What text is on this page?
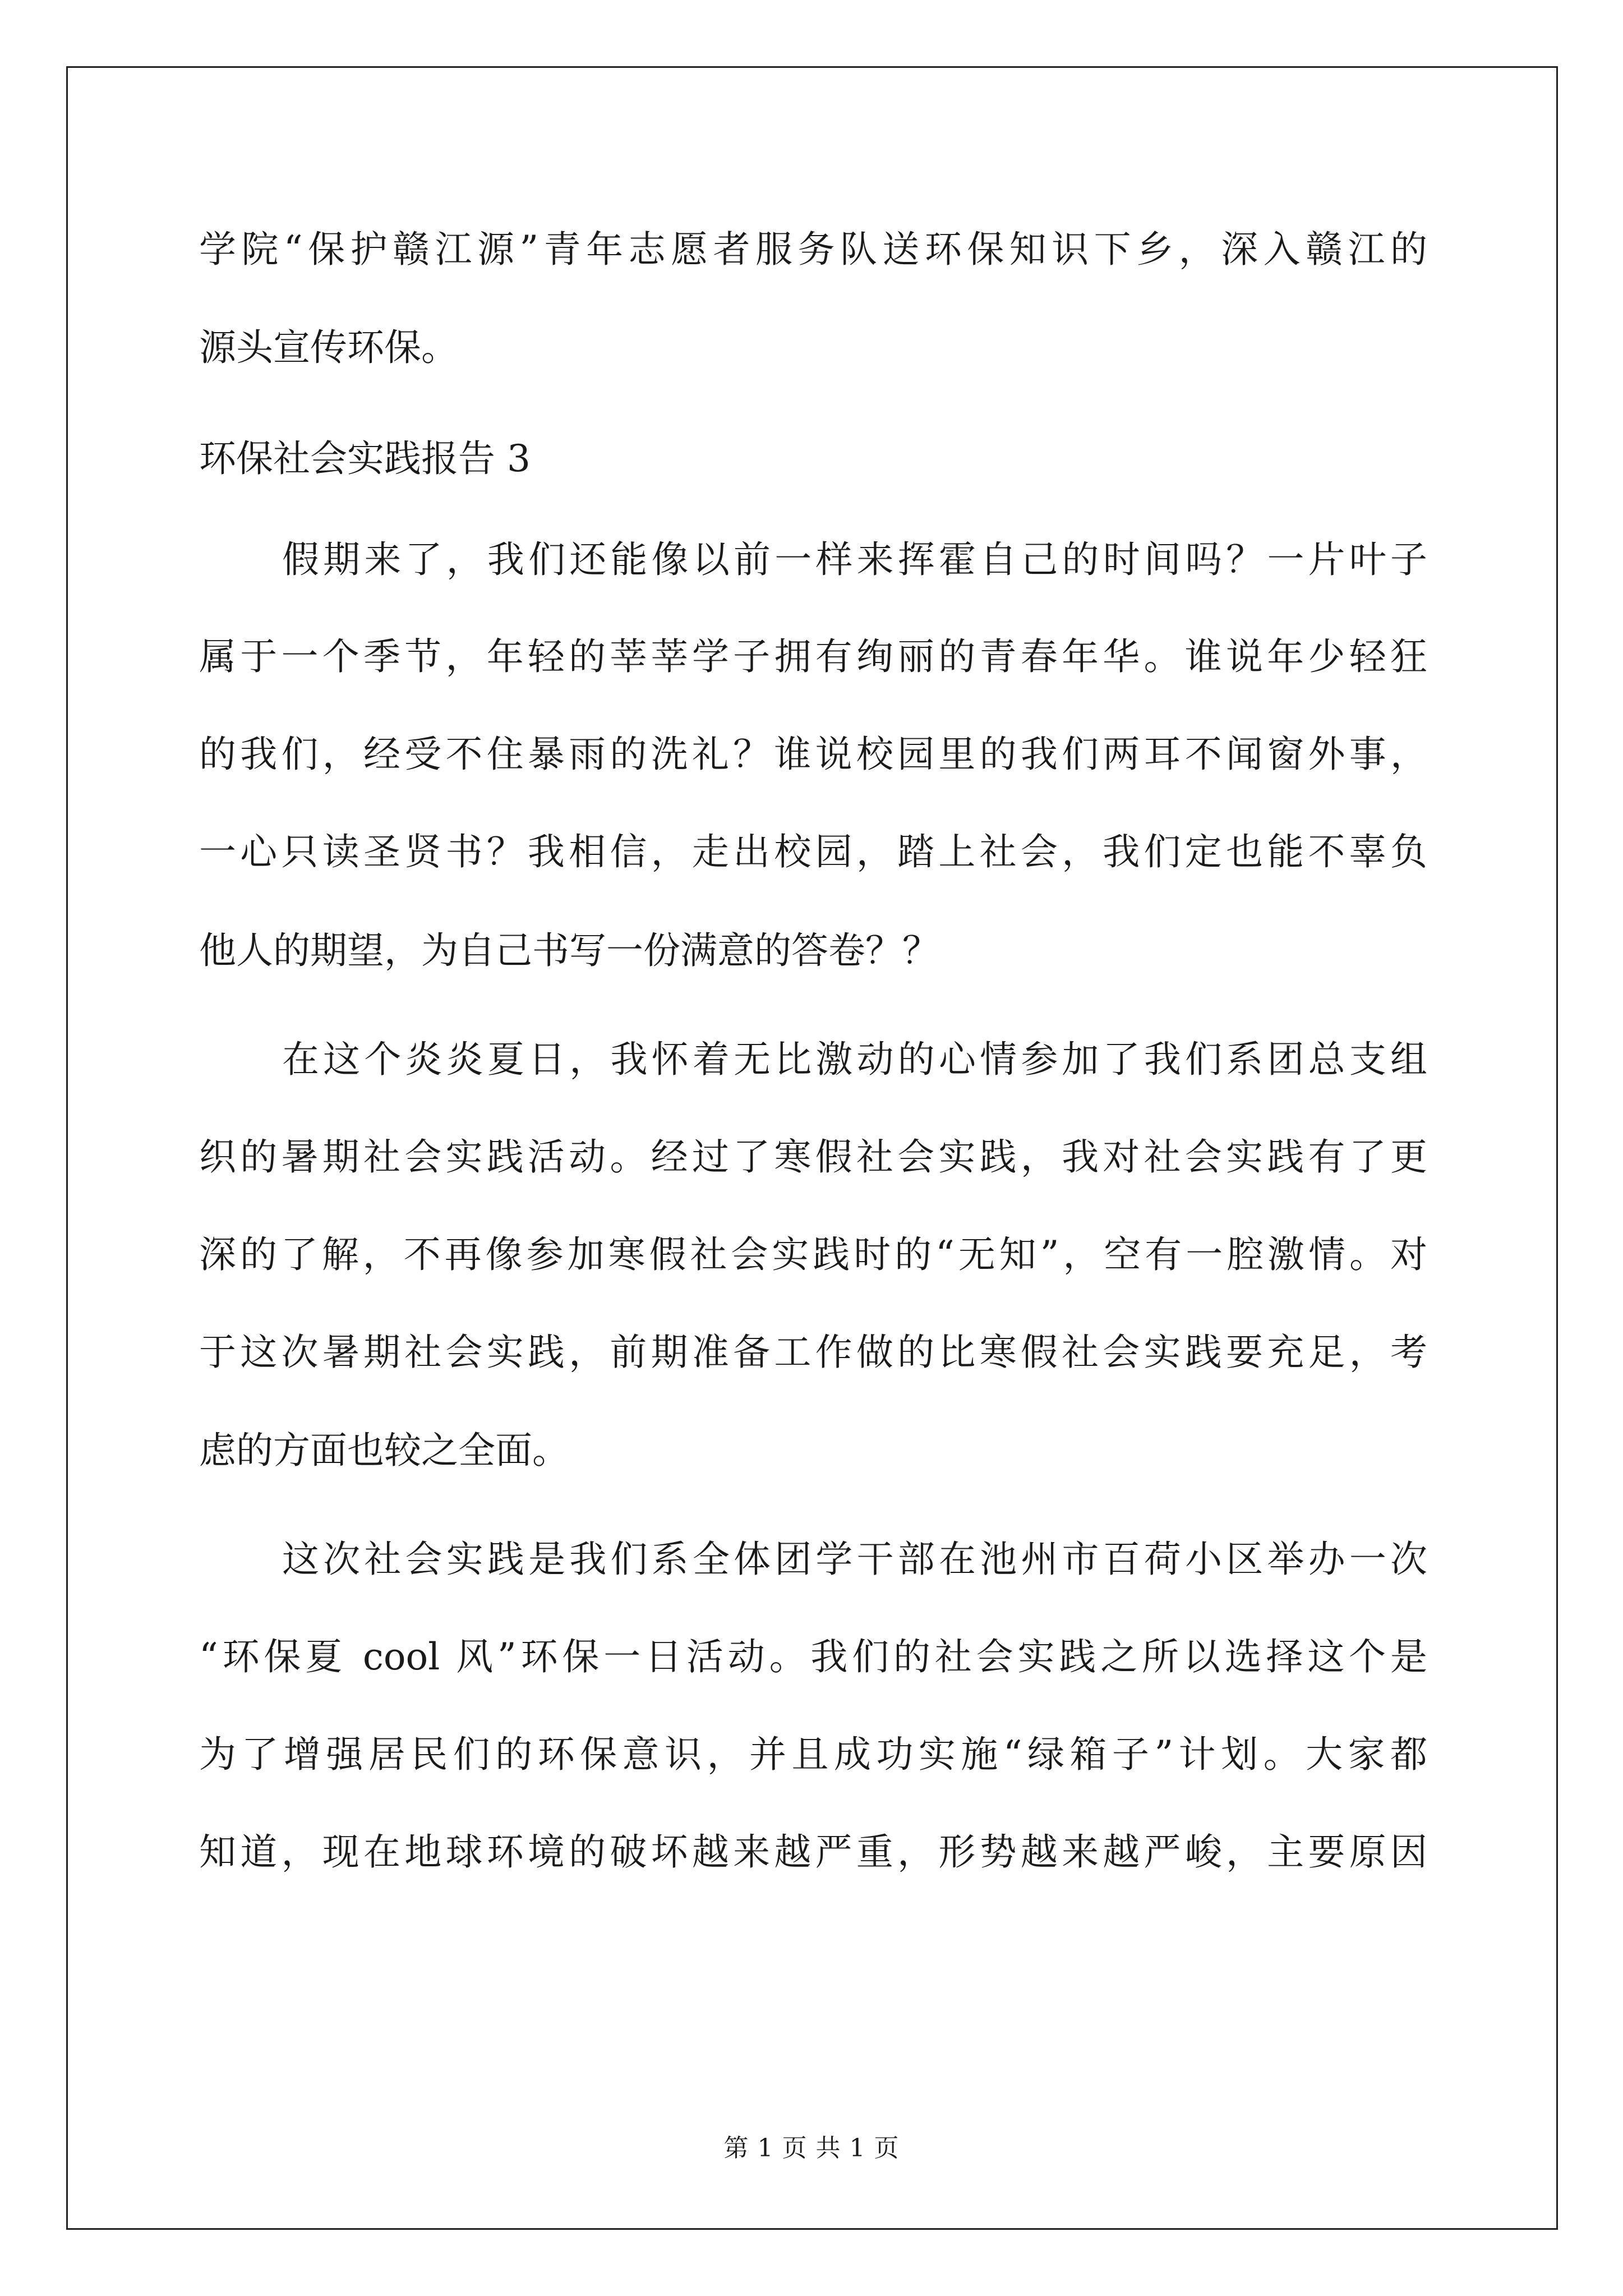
学院“保护赣江源”青年志愿者服务队送环保知识下乡，深入赣江的

源头宣传环保。

环保社会实践报告 3

假期来了，我们还能像以前一样来挥霍自己的时间吗？一片叶子

属于一个季节，年轻的莘莘学子拥有绚丽的青春年华。谁说年少轻狂

的我们，经受不住暴雨的洗礼？谁说校园里的我们两耳不闻窗外事，

一心只读圣贤书？我相信，走出校园，踏上社会，我们定也能不辜负

他人的期望，为自己书写一份满意的答卷？？

在这个炎炎夏日，我怀着无比激动的心情参加了我们系团总支组

织的暑期社会实践活动。经过了寒假社会实践，我对社会实践有了更

深的了解，不再像参加寒假社会实践时的“无知”，空有一腔激情。对

于这次暑期社会实践，前期准备工作做的比寒假社会实践要充足，考

虑的方面也较之全面。

这次社会实践是我们系全体团学干部在池州市百荷小区举办一次

“环保夏 cool 风”环保一日活动。我们的社会实践之所以选择这个是

为了增强居民们的环保意识，并且成功实施“绿箱子”计划。大家都

知道，现在地球环境的破坏越来越严重，形势越来越严峻，主要原因

第 1 页 共 1 页
